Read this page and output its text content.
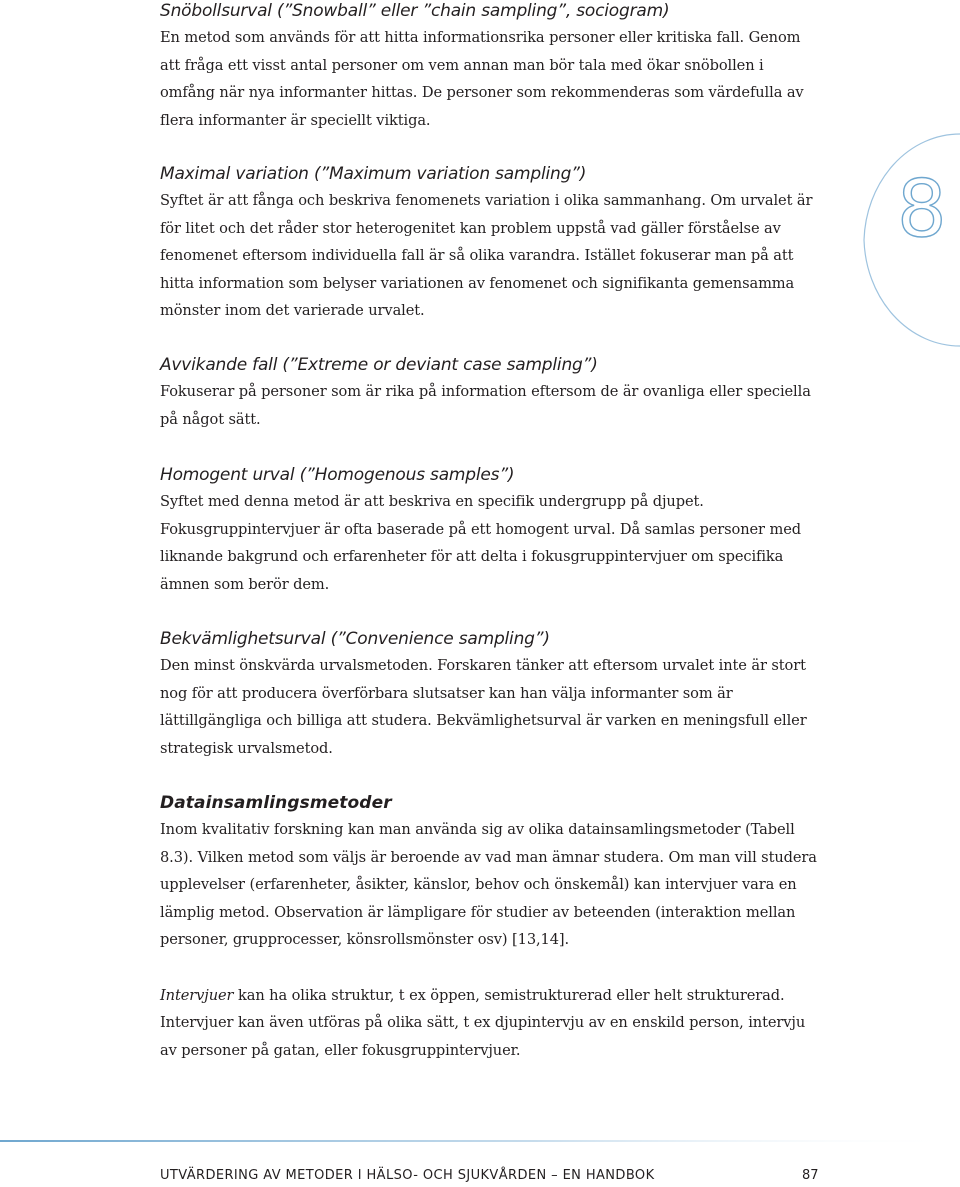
Snöbollsurval (”Snowball” eller ”chain sampling”, sociogram)

En metod som används för att hitta informationsrika personer eller kritiska fall. Genom att fråga ett visst antal personer om vem annan man bör tala med ökar snöbollen i omfång när nya informanter hittas. De personer som rekommenderas som värdefulla av flera informanter är speciellt viktiga.

Maximal variation (”Maximum variation sampling”)

Syftet är att fånga och beskriva fenomenets variation i olika sammanhang. Om urvalet är för litet och det råder stor heterogenitet kan problem uppstå vad gäller förståelse av fenomenet eftersom individuella fall är så olika varandra. Istället fokuserar man på att hitta information som belyser variationen av fenomenet och signifikanta gemensamma mönster inom det varierade urvalet.

Avvikande fall (”Extreme or deviant case sampling”)

Fokuserar på personer som är rika på information eftersom de är ovanliga eller speciella på något sätt.

Homogent urval (”Homogenous samples”)

Syftet med denna metod är att beskriva en specifik undergrupp på djupet. Fokusgruppintervjuer är ofta baserade på ett homogent urval. Då samlas personer med liknande bakgrund och erfarenheter för att delta i fokusgruppintervjuer om specifika ämnen som berör dem.

Bekvämlighetsurval (”Convenience sampling”)

Den minst önskvärda urvalsmetoden. Forskaren tänker att eftersom urvalet inte är stort nog för att producera överförbara slutsatser kan han välja informanter som är lättillgängliga och billiga att studera. Bekvämlighetsurval är varken en meningsfull eller strategisk urvalsmetod.

Datainsamlingsmetoder

Inom kvalitativ forskning kan man använda sig av olika datainsamlingsmetoder (Tabell 8.3). Vilken metod som väljs är beroende av vad man ämnar studera. Om man vill studera upplevelser (erfarenheter, åsikter, känslor, behov och önskemål) kan intervjuer vara en lämplig metod. Observation är lämpligare för studier av beteenden (interaktion mellan personer, grupprocesser, könsrollsmönster osv) [13,14].

Intervjuer kan ha olika struktur, t ex öppen, semistrukturerad eller helt strukturerad. Intervjuer kan även utföras på olika sätt, t ex djupintervju av en enskild person, intervju av personer på gatan, eller fokusgruppintervjuer.

8
UTVÄRDERING AV METODER I HÄLSO- OCH SJUKVÅRDEN – EN HANDBOK	87
